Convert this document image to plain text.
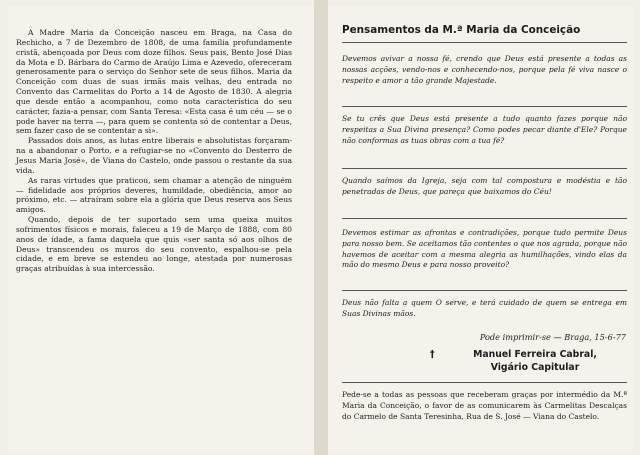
A Madre Maria da Conceição nasceu em Braga, na Casa do Rechicho, a 7 de Dezembro de 1808, de uma família profundamente cristã, abençoada por Deus com doze filhos. Seus pais, Bento José Dias da Mota e D. Bárbara do Carmo de Araújo Lima e Azevedo, ofereceram generosamente para o serviço do Senhor sete de seus filhos. Maria da Conceição com duas de suas irmãs mais velhas, deu entrada no Convento das Carmelitas do Porto a 14 de Agosto de 1830. A alegria que desde então a acompanhou, como nota característica do seu carácter, fazia-a pensar, com Santa Teresa: «Esta casa é um céu — se o pode haver na terra —, para quem se contenta só de contentar a Deus, sem fazer caso de se contentar a si».

Passados dois anos, as lutas entre liberais e absolutistas forçaram-na a abandonar o Porto, e a refugiar-se no «Convento do Desterro de Jesus Maria José», de Viana do Castelo, onde passou o restante da sua vida.

As raras virtudes que praticou, sem chamar a atenção de ninguém — fidelidade aos próprios deveres, humildade, obediência, amor ao próximo, etc. — atraíram sobre ela a glória que Deus reserva aos Seus amigos.

Quando, depois de ter suportado sem uma queixa muitos sofrimentos físicos e morais, faleceu a 19 de Março de 1888, com 80 anos de idade, a fama daquela que quis «ser santa só aos olhos de Deus» transcendeu os muros do seu convento, espalhou-se pela cidade, e em breve se estendeu ao longe, atestada por numerosas graças atribuídas à sua intercessão.

Pensamentos da M.ª Maria da Conceição

Devemos avivar a nossa fé, crendo que Deus está presente a todas as nossas acções, vendo-nos e conhecendo-nos, porque pela fé viva nasce o respeito e amor a tão grande Majestade.

Se tu crês que Deus está presente a tudo quanto fazes porque não respeitas a Sua Divina presença? Como podes pecar diante d'Ele? Porque não conformas as tuas obras com a tua fé?

Quando saímos da Igreja, seja com tal compostura e modéstia e tão penetradas de Deus, que pareça que baixamos do Céu!

Devemos estimar as afrontas e contradições, porque tudo permite Deus para nosso bem. Se aceitamos tão contentes o que nos agrada, porque não havemos de aceitar com a mesma alegria as humilhações, vindo elas da mão do mesmo Deus e para nosso proveito?

Deus não falta a quem O serve, e terá cuidado de quem se entrega em Suas Divinas mãos.

Pode imprimir-se — Braga, 15-6-77
†	Manuel Ferreira Cabral,
Vigário Capitular

Pede-se a todas as pessoas que receberam graças por intermédio da M.ª Maria da Conceição, o favor de as comunicarem às Carmelitas Descalças do Carmelo de Santa Teresinha, Rua de S. José — Viana do Castelo.
